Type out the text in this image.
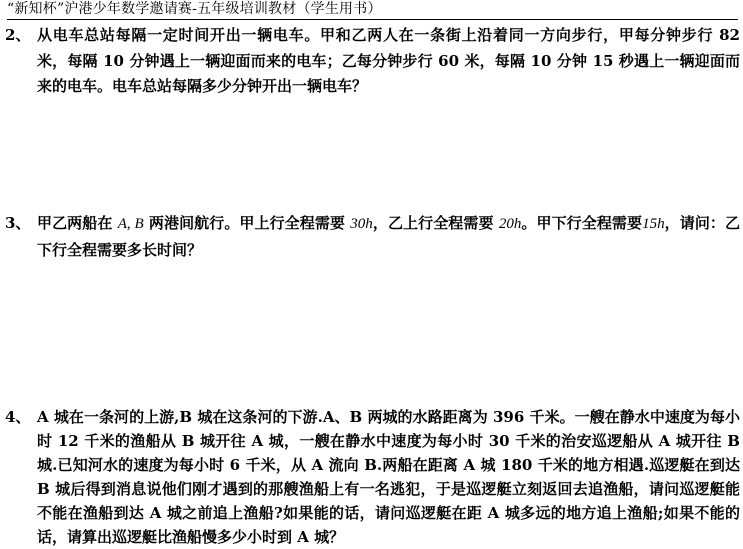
“新知杯”沪港少年数学邀请赛-五年级培训教材（学生用书）
2、 从电车总站每隔一定时间开出一辆电车。甲和乙两人在一条街上沿着同一方向步行，甲每分钟步行 82 米，每隔 10 分钟遇上一辆迎面而来的电车；乙每分钟步行 60 米，每隔 10 分钟 15 秒遇上一辆迎面而来的电车。电车总站每隔多少分钟开出一辆电车？
3、 甲乙两船在 A, B 两港间航行。甲上行全程需要 30h，乙上行全程需要 20h。甲下行全程需要15h，请问：乙下行全程需要多长时间？
4、 A 城在一条河的上游,B 城在这条河的下游.A、B 两城的水路距离为 396 千米。一艘在静水中速度为每小时 12 千米的渔船从 B 城开往 A 城，一艘在静水中速度为每小时 30 千米的治安巡逻船从 A 城开往 B 城.已知河水的速度为每小时 6 千米，从 A 流向 B.两船在距离 A 城 180 千米的地方相遇.巡逻艇在到达 B 城后得到消息说他们刚才遇到的那艘渔船上有一名逃犯，于是巡逻艇立刻返回去追渔船，请问巡逻艇能不能在渔船到达 A 城之前追上渔船?如果能的话，请问巡逻艇在距 A 城多远的地方追上渔船;如果不能的话，请算出巡逻艇比渔船慢多少小时到 A 城？
